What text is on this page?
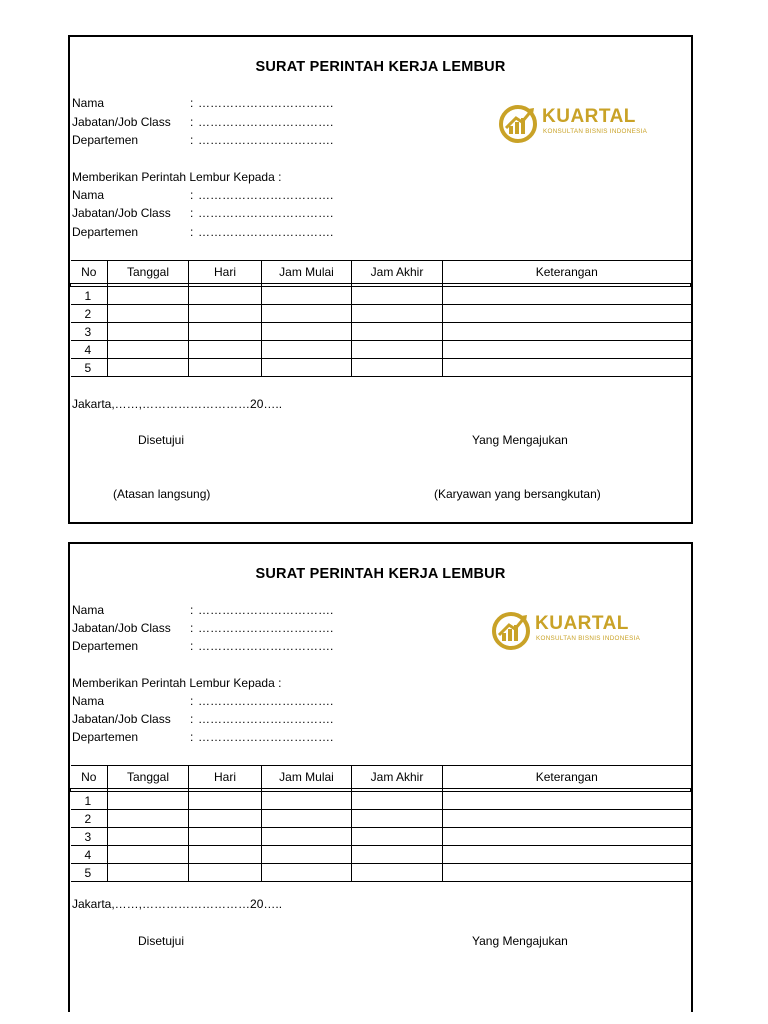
SURAT PERINTAH KERJA LEMBUR
Nama	: …………………………….
Jabatan/Job Class : …………………………….
Departemen	: …………………………….
KUARTAL
KONSULTAN BISNIS INDONESIA
Memberikan Perintah Lembur Kepada :
Nama	: …………………………….
Jabatan/Job Class : …………………………….
Departemen	: …………………………….
No	Tanggal	Hari	Jam Mulai	Jam Akhir	Keterangan

1					
2					
3					
4					
5					
Jakarta,……,………………………20…..
Disetujui	Yang Mengajukan
(Atasan langsung)	(Karyawan yang bersangkutan)
SURAT PERINTAH KERJA LEMBUR
Nama	: …………………………….
Jabatan/Job Class : …………………………….
Departemen	: …………………………….
KUARTAL
KONSULTAN BISNIS INDONESIA
Memberikan Perintah Lembur Kepada :
Nama	: …………………………….
Jabatan/Job Class : …………………………….
Departemen	: …………………………….
No	Tanggal	Hari	Jam Mulai	Jam Akhir	Keterangan

1					
2					
3					
4					
5					
Jakarta,……,………………………20…..
Disetujui	Yang Mengajukan
